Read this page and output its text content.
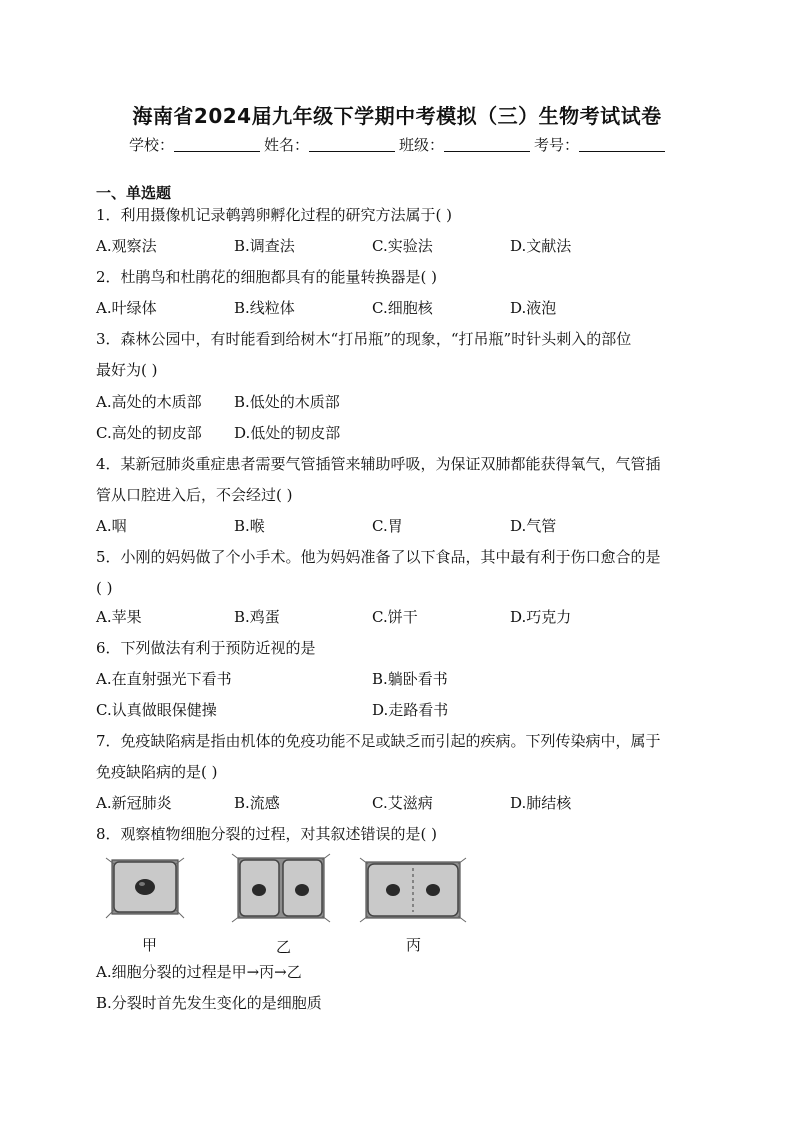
海南省2024届九年级下学期中考模拟（三）生物考试试卷
学校：	姓名：	班级：	考号：
一、单选题
1．利用摄像机记录鹌鹑卵孵化过程的研究方法属于( )
A.观察法	B.调查法	C.实验法	D.文献法
2．杜鹃鸟和杜鹃花的细胞都具有的能量转换器是( )
A.叶绿体	B.线粒体	C.细胞核	D.液泡
3．森林公园中，有时能看到给树木“打吊瓶”的现象，“打吊瓶”时针头刺入的部位
最好为( )
A.高处的木质部 B.低处的木质部
C.高处的韧皮部 D.低处的韧皮部
4．某新冠肺炎重症患者需要气管插管来辅助呼吸，为保证双肺都能获得氧气，气管插
管从口腔进入后，不会经过( )
A.咽	B.喉	C.胃	D.气管
5．小刚的妈妈做了个小手术。他为妈妈准备了以下食品，其中最有利于伤口愈合的是
( )
A.苹果	B.鸡蛋	C.饼干	D.巧克力
6．下列做法有利于预防近视的是
A.在直射强光下看书	B.躺卧看书
C.认真做眼保健操	D.走路看书
7．免疫缺陷病是指由机体的免疫功能不足或缺乏而引起的疾病。下列传染病中，属于
免疫缺陷病的是( )
A.新冠肺炎	B.流感	C.艾滋病	D.肺结核
8．观察植物细胞分裂的过程，对其叙述错误的是( )
甲	乙	丙
A.细胞分裂的过程是甲→丙→乙
B.分裂时首先发生变化的是细胞质
